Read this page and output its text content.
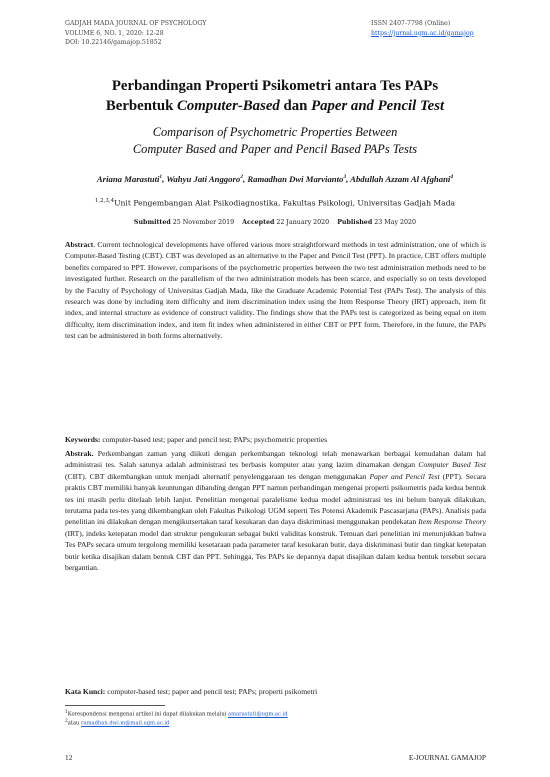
GADJAH MADA JOURNAL OF PSYCHOLOGY
VOLUME 6, NO. 1, 2020: 12-28
DOI: 10.22146/gamajop.51852
ISSN 2407-7798 (Online)
https://jurnal.ugm.ac.id/gamajop
Perbandingan Properti Psikometri antara Tes PAPs
Berbentuk Computer-Based dan Paper and Pencil Test
Comparison of Psychometric Properties Between
Computer Based and Paper and Pencil Based PAPs Tests
Ariana Marastuti$^1$, Wahyu Jati Anggoro$^2$, Ramadhan Dwi Marvianto$^3$, Abdullah Azzam Al Afghani$^4$
$^{1,2,3,4}$Unit Pengembangan Alat Psikodiagnostika, Fakultas Psikologi, Universitas Gadjah Mada
Submitted 25 November 2019 Accepted 22 January 2020 Published 23 May 2020
Abstract. Current technological developments have offered various more straightforward methods in test administration, one of which is Computer-Based Testing (CBT). CBT was developed as an alternative to the Paper and Pencil Test (PPT). In practice, CBT offers multiple benefits compared to PPT. However, comparisons of the psychometric properties between the two test administration methods need to be investigated further. Research on the parallelism of the two administration models has been scarce, and especially so on tests developed by the Faculty of Psychology of Universitas Gadjah Mada, like the Graduate Academic Potential Test (PAPs Test). The analysis of this research was done by including item difficulty and item discrimination index using the Item Response Theory (IRT) approach, item fit index, and internal structure as evidence of construct validity. The findings show that the PAPs test is categorized as being equal on item difficulty, item discrimination index, and item fit index when administered in either CBT or PPT form. Therefore, in the future, the PAPs test can be administered in both forms alternatively.
Keywords: computer-based test; paper and pencil test; PAPs; psychometric properties
Abstrak. Perkembangan zaman yang diikuti dengan perkembangan teknologi telah menawarkan berbagai kemudahan dalam hal administrasi tes. Salah satunya adalah administrasi tes berbasis komputer atau yang lazim dinamakan dengan Computer Based Test (CBT). CBT dikembangkan untuk menjadi alternatif penyelenggaraan tes dengan menggunakan Paper and Pencil Test (PPT). Secara praktis CBT memiliki banyak keuntungan dibanding dengan PPT namun perbandingan mengenai properti psikometris pada kedua bentuk tes ini masih perlu ditelaah lebih lanjut. Penelitian mengenai paralelisme kedua model administrasi tes ini belum banyak dilakukan, terutama pada tes-tes yang dikembangkan oleh Fakultas Psikologi UGM seperti Tes Potensi Akademik Pascasarjana (PAPs). Analisis pada penelitian ini dilakukan dengan mengikutsertakan taraf kesukaran dan daya diskriminasi menggunakan pendekatan Item Response Theory (IRT), indeks ketepatan model dan struktur pengukuran sebagai bukti validitas konstruk. Temuan dari penelitian ini menunjukkan bahwa Tes PAPs secara umum tergolong memiliki kesetaraan pada parameter taraf kesukaran butir, daya diskriminasi butir dan tingkat ketepatan butir ketika disajikan dalam bentuk CBT dan PPT. Sehingga, Tes PAPs ke depannya dapat disajikan dalam kedua bentuk tersebut secara bergantian.
Kata Kunci: computer-based test; paper and pencil test; PAPs; properti psikometri
$^1$Korespondensi mengenai artikel ini dapat dilakukan melalui amarastuti@ugm.ac.id
$^2$atau ramadhan.dwi.m@mail.ugm.ac.id
12	E-JOURNAL GAMAJOP
